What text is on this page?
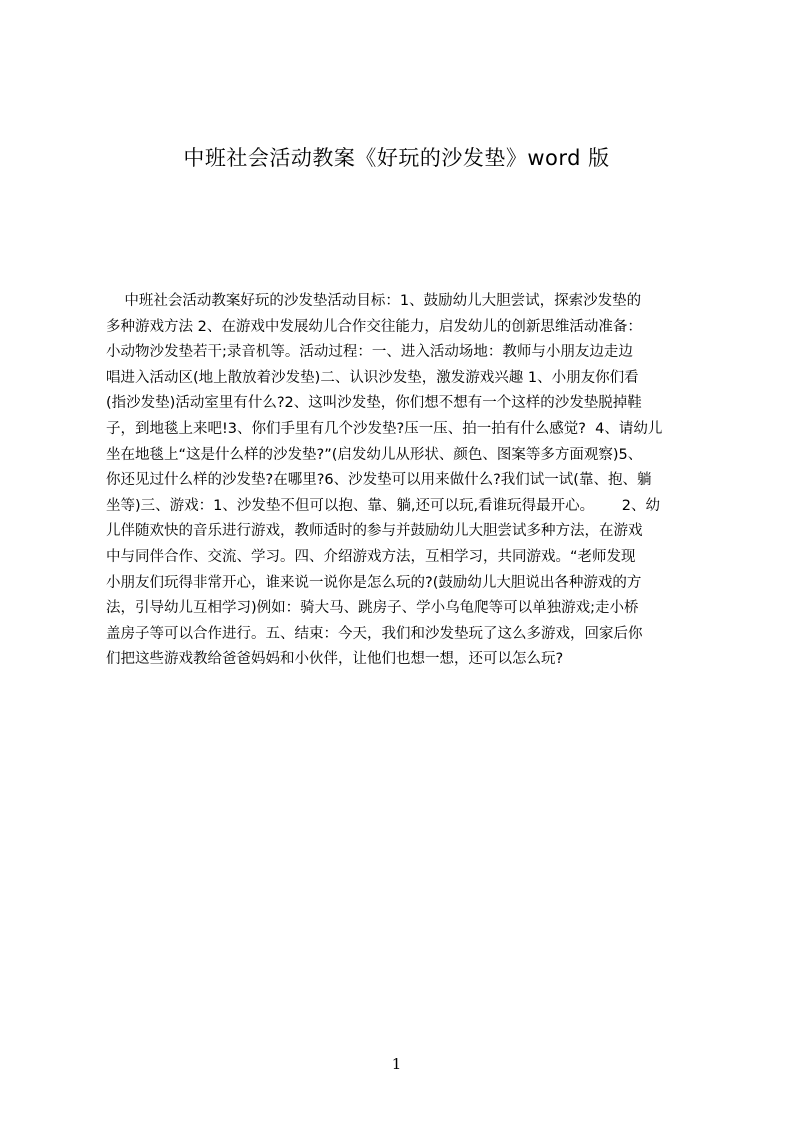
中班社会活动教案《好玩的沙发垫》word 版
中班社会活动教案好玩的沙发垫活动目标：1、鼓励幼儿大胆尝试，探索沙发垫的
多种游戏方法 2、在游戏中发展幼儿合作交往能力，启发幼儿的创新思维活动准备：
小动物沙发垫若干;录音机等。活动过程：一、进入活动场地：教师与小朋友边走边
唱进入活动区(地上散放着沙发垫)二、认识沙发垫，激发游戏兴趣 1、小朋友你们看
(指沙发垫)活动室里有什么?2、这叫沙发垫，你们想不想有一个这样的沙发垫脱掉鞋
子，到地毯上来吧!3、你们手里有几个沙发垫?压一压、拍一拍有什么感觉?  4、请幼儿
坐在地毯上“这是什么样的沙发垫?”(启发幼儿从形状、颜色、图案等多方面观察)5、
你还见过什么样的沙发垫?在哪里?6、沙发垫可以用来做什么?我们试一试(靠、抱、躺
坐等)三、游戏：1、沙发垫不但可以抱、靠、躺,还可以玩,看谁玩得最开心。      2、幼
儿伴随欢快的音乐进行游戏，教师适时的参与并鼓励幼儿大胆尝试多种方法，在游戏
中与同伴合作、交流、学习。四、介绍游戏方法，互相学习，共同游戏。“老师发现
小朋友们玩得非常开心，谁来说一说你是怎么玩的?(鼓励幼儿大胆说出各种游戏的方
法，引导幼儿互相学习)例如：骑大马、跳房子、学小乌龟爬等可以单独游戏;走小桥
盖房子等可以合作进行。五、结束：今天，我们和沙发垫玩了这么多游戏，回家后你
们把这些游戏教给爸爸妈妈和小伙伴，让他们也想一想，还可以怎么玩?
1
